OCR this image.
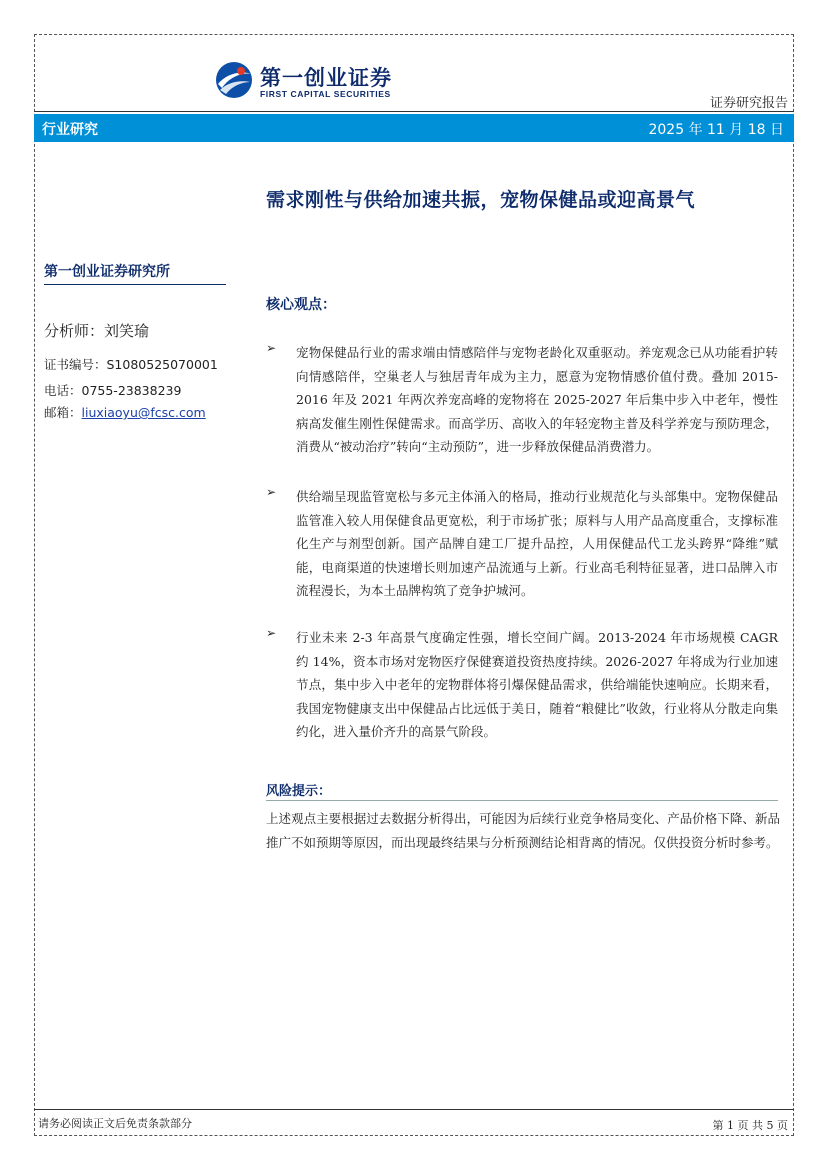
第一创业证券
FIRST CAPITAL SECURITIES
证券研究报告
行业研究	2025 年 11 月 18 日
需求刚性与供给加速共振，宠物保健品或迎高景气
第一创业证券研究所
分析师：刘笑瑜
证书编号：S1080525070001
电话：0755-23838239
邮箱：liuxiaoyu@fcsc.com
核心观点：
➢ 宠物保健品行业的需求端由情感陪伴与宠物老龄化双重驱动。养宠观念已从功能看护转向情感陪伴，空巢老人与独居青年成为主力，愿意为宠物情感价值付费。叠加 2015-2016 年及 2021 年两次养宠高峰的宠物将在 2025-2027 年后集中步入中老年，慢性病高发催生刚性保健需求。而高学历、高收入的年轻宠物主普及科学养宠与预防理念，消费从“被动治疗”转向“主动预防”，进一步释放保健品消费潜力。
➢ 供给端呈现监管宽松与多元主体涌入的格局，推动行业规范化与头部集中。宠物保健品监管准入较人用保健食品更宽松，利于市场扩张；原料与人用产品高度重合，支撑标准化生产与剂型创新。国产品牌自建工厂提升品控，人用保健品代工龙头跨界“降维”赋能，电商渠道的快速增长则加速产品流通与上新。行业高毛利特征显著，进口品牌入市流程漫长，为本土品牌构筑了竞争护城河。
➢ 行业未来 2-3 年高景气度确定性强，增长空间广阔。2013-2024 年市场规模 CAGR 约 14%，资本市场对宠物医疗保健赛道投资热度持续。2026-2027 年将成为行业加速节点，集中步入中老年的宠物群体将引爆保健品需求，供给端能快速响应。长期来看，我国宠物健康支出中保健品占比远低于美日，随着“粮健比”收敛，行业将从分散走向集约化，进入量价齐升的高景气阶段。
风险提示：
上述观点主要根据过去数据分析得出，可能因为后续行业竞争格局变化、产品价格下降、新品推广不如预期等原因，而出现最终结果与分析预测结论相背离的情况。仅供投资分析时参考。
请务必阅读正文后免责条款部分	第 1 页 共 5 页
